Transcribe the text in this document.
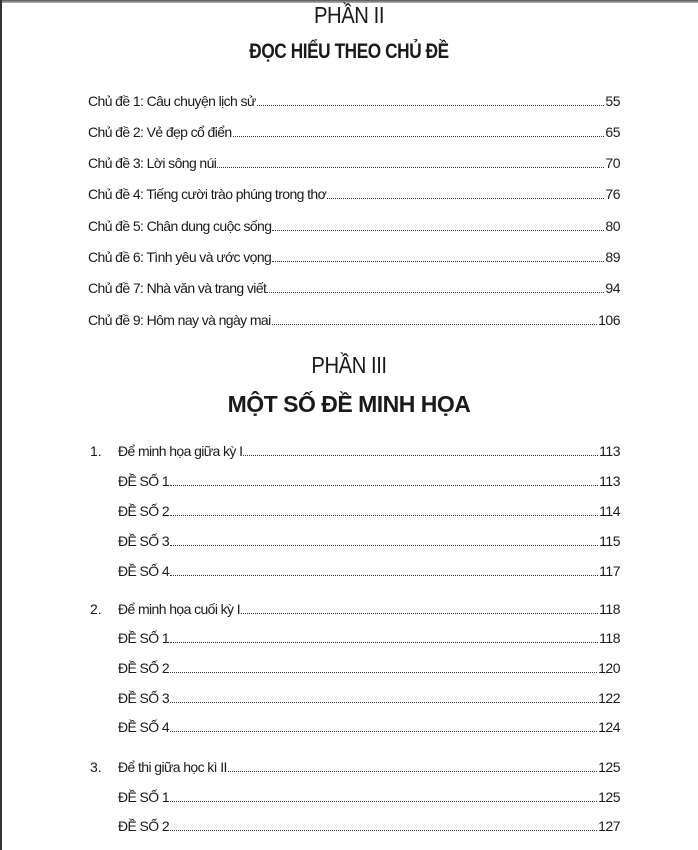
PHẦN II
ĐỌC HIỂU THEO CHỦ ĐỀ
Chủ đề 1: Câu chuyện lịch sử	55
Chủ đề 2: Vẻ đẹp cổ điển	65
Chủ đề 3: Lời sông núi	70
Chủ đề 4: Tiếng cười trào phúng trong thơ	76
Chủ đề 5: Chân dung cuộc sống	80
Chủ đề 6: Tình yêu và ước vọng	89
Chủ đề 7: Nhà văn và trang viết	94
Chủ đề 9: Hôm nay và ngày mai	106
PHẦN III
MỘT SỐ ĐỀ MINH HỌA
1.	Để minh họa giữa kỳ I	113
ĐỀ SỐ 1	113
ĐỀ SỐ 2	114
ĐỀ SỐ 3	115
ĐỀ SỐ 4	117
2.	Để minh họa cuối kỳ I	118
ĐỀ SỐ 1	118
ĐỀ SỐ 2	120
ĐỀ SỐ 3	122
ĐỀ SỐ 4	124
3.	Để thi giữa học kì II	125
ĐỀ SỐ 1	125
ĐỀ SỐ 2	127
